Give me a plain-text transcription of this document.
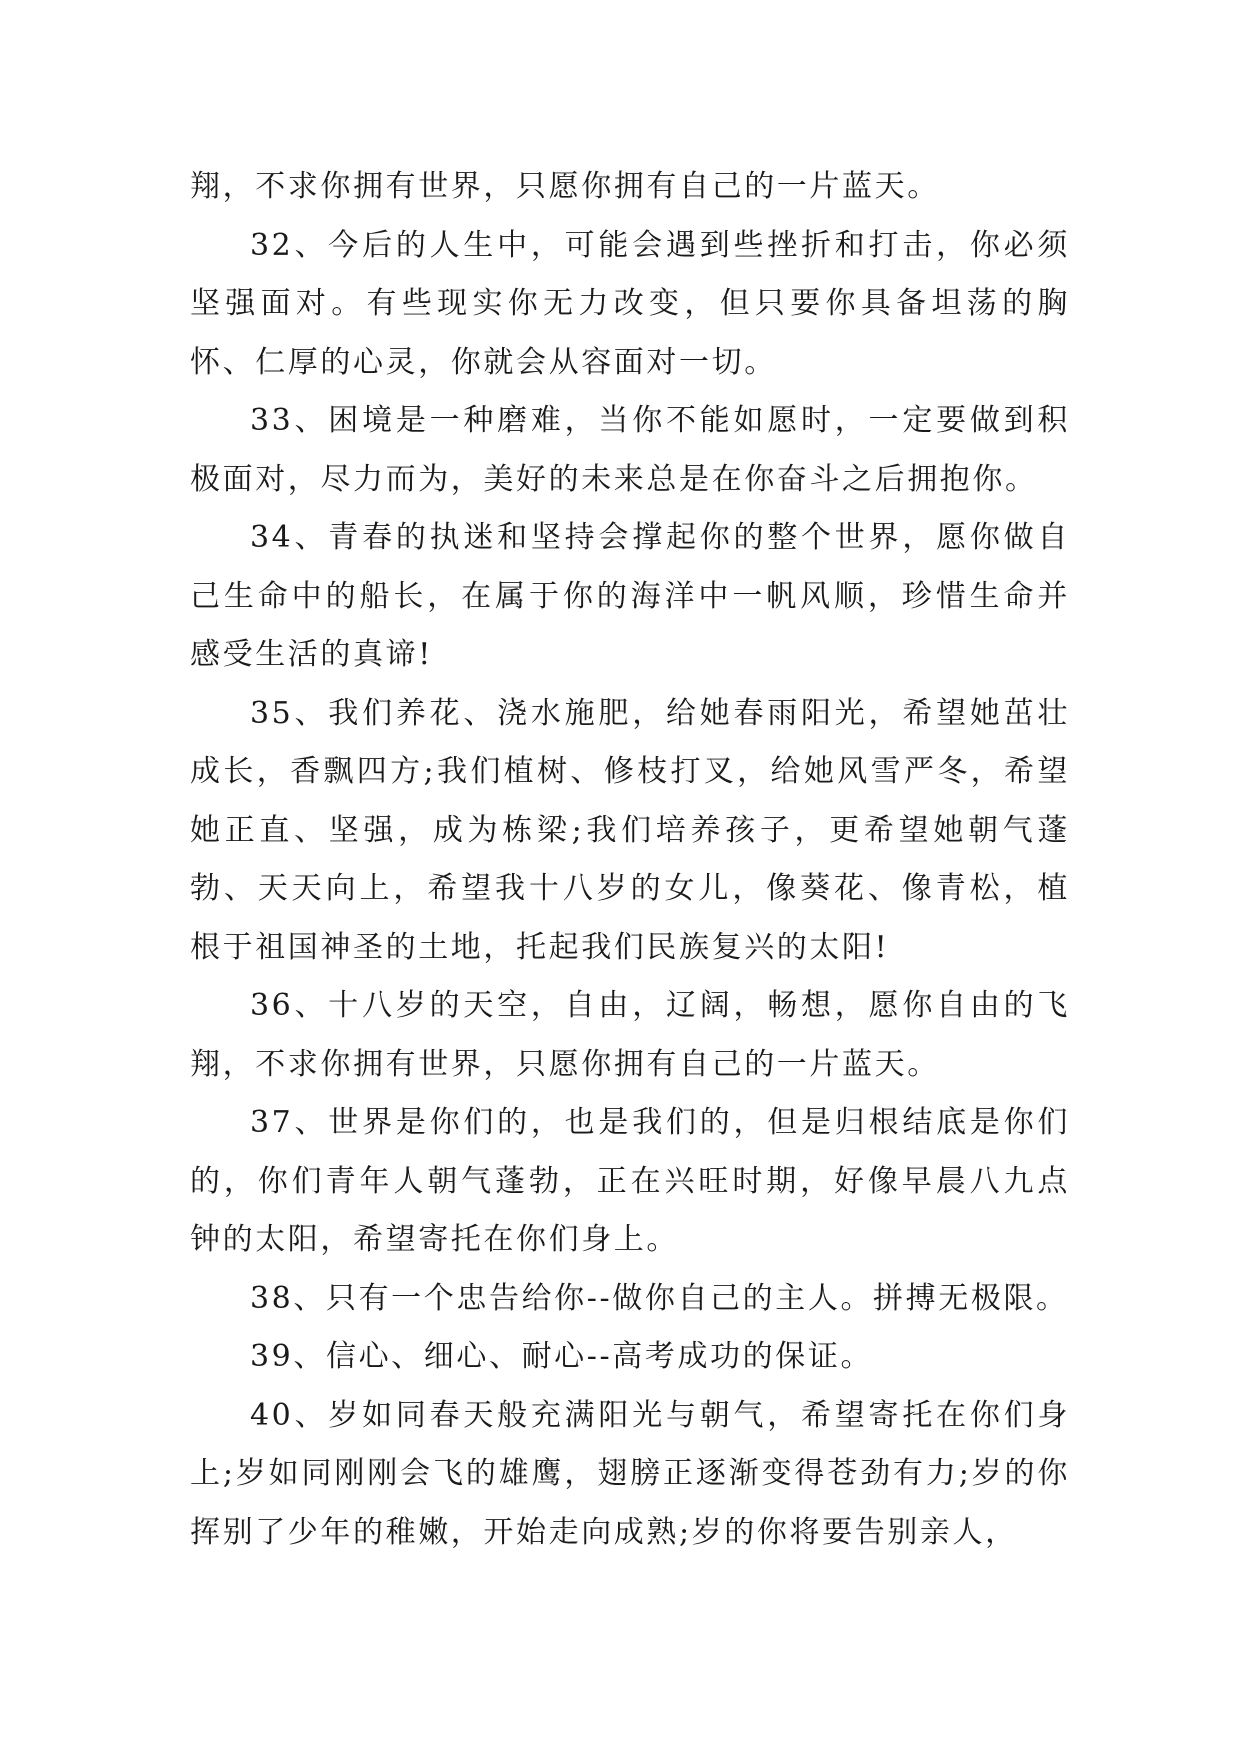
翔，不求你拥有世界，只愿你拥有自己的一片蓝天。

32、今后的人生中，可能会遇到些挫折和打击，你必须坚强面对。有些现实你无力改变，但只要你具备坦荡的胸怀、仁厚的心灵，你就会从容面对一切。

33、困境是一种磨难，当你不能如愿时，一定要做到积极面对，尽力而为，美好的未来总是在你奋斗之后拥抱你。

34、青春的执迷和坚持会撑起你的整个世界，愿你做自己生命中的船长，在属于你的海洋中一帆风顺，珍惜生命并感受生活的真谛!

35、我们养花、浇水施肥，给她春雨阳光，希望她茁壮成长，香飘四方;我们植树、修枝打叉，给她风雪严冬，希望她正直、坚强，成为栋梁;我们培养孩子，更希望她朝气蓬勃、天天向上，希望我十八岁的女儿，像葵花、像青松，植根于祖国神圣的土地，托起我们民族复兴的太阳!

36、十八岁的天空，自由，辽阔，畅想，愿你自由的飞翔，不求你拥有世界，只愿你拥有自己的一片蓝天。

37、世界是你们的，也是我们的，但是归根结底是你们的，你们青年人朝气蓬勃，正在兴旺时期，好像早晨八九点钟的太阳，希望寄托在你们身上。

38、只有一个忠告给你--做你自己的主人。拼搏无极限。

39、信心、细心、耐心--高考成功的保证。

40、岁如同春天般充满阳光与朝气，希望寄托在你们身上;岁如同刚刚会飞的雄鹰，翅膀正逐渐变得苍劲有力;岁的你挥别了少年的稚嫩，开始走向成熟;岁的你将要告别亲人，
